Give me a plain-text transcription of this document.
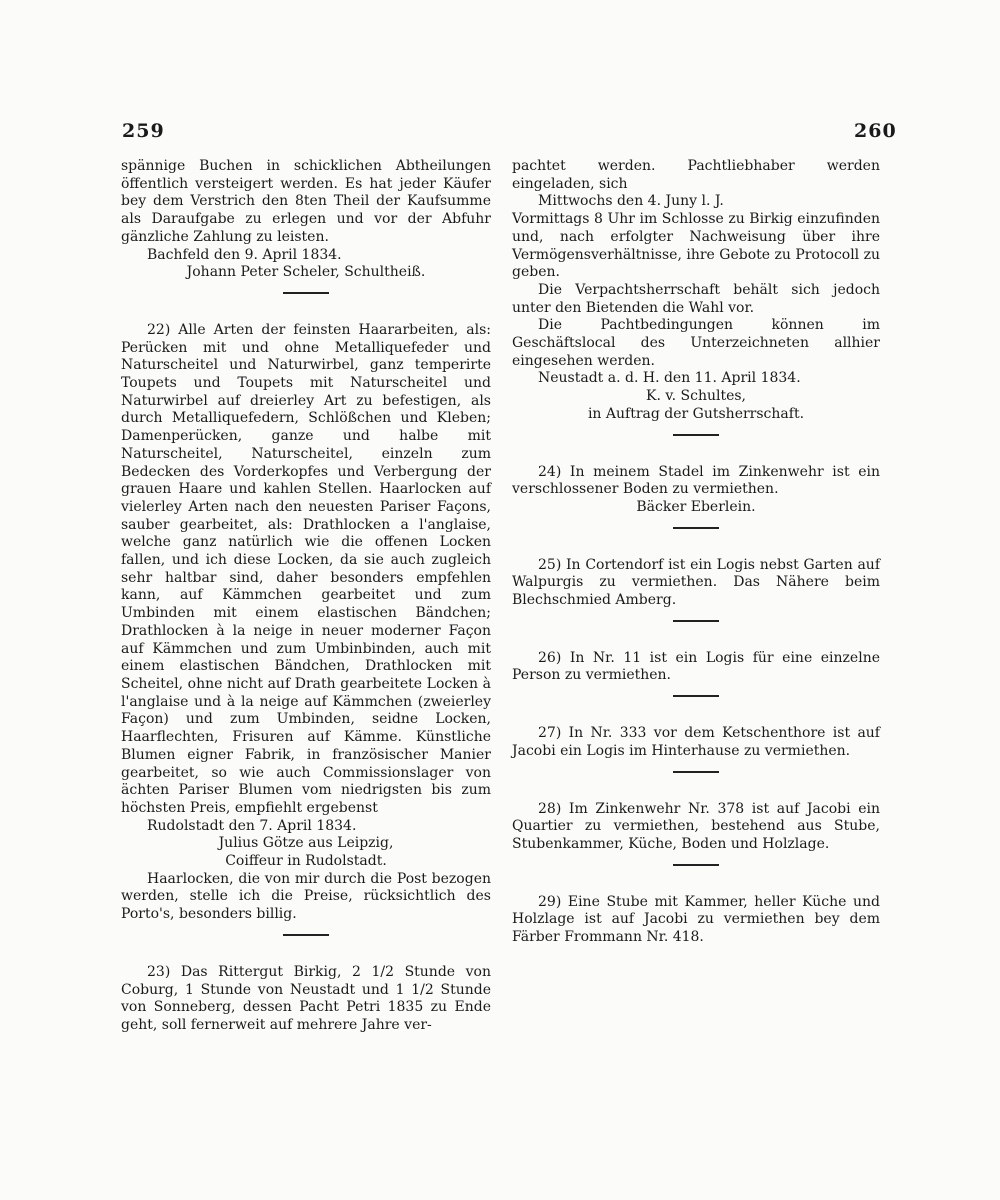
259	260

spännige Buchen in schicklichen Abtheilungen öffentlich versteigert werden. Es hat jeder Käufer bey dem Verstrich den 8ten Theil der Kaufsumme als Daraufgabe zu erlegen und vor der Abfuhr gänzliche Zahlung zu leisten.

Bachfeld den 9. April 1834.

Johann Peter Scheler, Schultheiß.

22) Alle Arten der feinsten Haararbeiten, als: Perücken mit und ohne Metalliquefeder und Naturscheitel und Naturwirbel, ganz temperirte Toupets und Toupets mit Naturscheitel und Naturwirbel auf dreierley Art zu befestigen, als durch Metalliquefedern, Schlößchen und Kleben; Damenperücken, ganze und halbe mit Naturscheitel, Naturscheitel, einzeln zum Bedecken des Vorderkopfes und Verbergung der grauen Haare und kahlen Stellen. Haarlocken auf vielerley Arten nach den neuesten Pariser Façons, sauber gearbeitet, als: Drathlocken a l'anglaise, welche ganz natürlich wie die offenen Locken fallen, und ich diese Locken, da sie auch zugleich sehr haltbar sind, daher besonders empfehlen kann, auf Kämmchen gearbeitet und zum Umbinden mit einem elastischen Bändchen; Drathlocken à la neige in neuer moderner Façon auf Kämmchen und zum Umbinbinden, auch mit einem elastischen Bändchen, Drathlocken mit Scheitel, ohne nicht auf Drath gearbeitete Locken à l'anglaise und à la neige auf Kämmchen (zweierley Façon) und zum Umbinden, seidne Locken, Haarflechten, Frisuren auf Kämme. Künstliche Blumen eigner Fabrik, in französischer Manier gearbeitet, so wie auch Commissionslager von ächten Pariser Blumen vom niedrigsten bis zum höchsten Preis, empfiehlt ergebenst

Rudolstadt den 7. April 1834.

Julius Götze aus Leipzig,

Coiffeur in Rudolstadt.

Haarlocken, die von mir durch die Post bezogen werden, stelle ich die Preise, rücksichtlich des Porto's, besonders billig.

23) Das Rittergut Birkig, 2 1/2 Stunde von Coburg, 1 Stunde von Neustadt und 1 1/2 Stunde von Sonneberg, dessen Pacht Petri 1835 zu Ende geht, soll fernerweit auf mehrere Jahre ver-

pachtet werden. Pachtliebhaber werden eingeladen, sich

Mittwochs den 4. Juny l. J.

Vormittags 8 Uhr im Schlosse zu Birkig einzufinden und, nach erfolgter Nachweisung über ihre Vermögensverhältnisse, ihre Gebote zu Protocoll zu geben.

Die Verpachtsherrschaft behält sich jedoch unter den Bietenden die Wahl vor.

Die Pachtbedingungen können im Geschäftslocal des Unterzeichneten allhier eingesehen werden.

Neustadt a. d. H. den 11. April 1834.

K. v. Schultes,

in Auftrag der Gutsherrschaft.

24) In meinem Stadel im Zinkenwehr ist ein verschlossener Boden zu vermiethen.

Bäcker Eberlein.

25) In Cortendorf ist ein Logis nebst Garten auf Walpurgis zu vermiethen. Das Nähere beim Blechschmied Amberg.

26) In Nr. 11 ist ein Logis für eine einzelne Person zu vermiethen.

27) In Nr. 333 vor dem Ketschenthore ist auf Jacobi ein Logis im Hinterhause zu vermiethen.

28) Im Zinkenwehr Nr. 378 ist auf Jacobi ein Quartier zu vermiethen, bestehend aus Stube, Stubenkammer, Küche, Boden und Holzlage.

29) Eine Stube mit Kammer, heller Küche und Holzlage ist auf Jacobi zu vermiethen bey dem Färber Frommann Nr. 418.
